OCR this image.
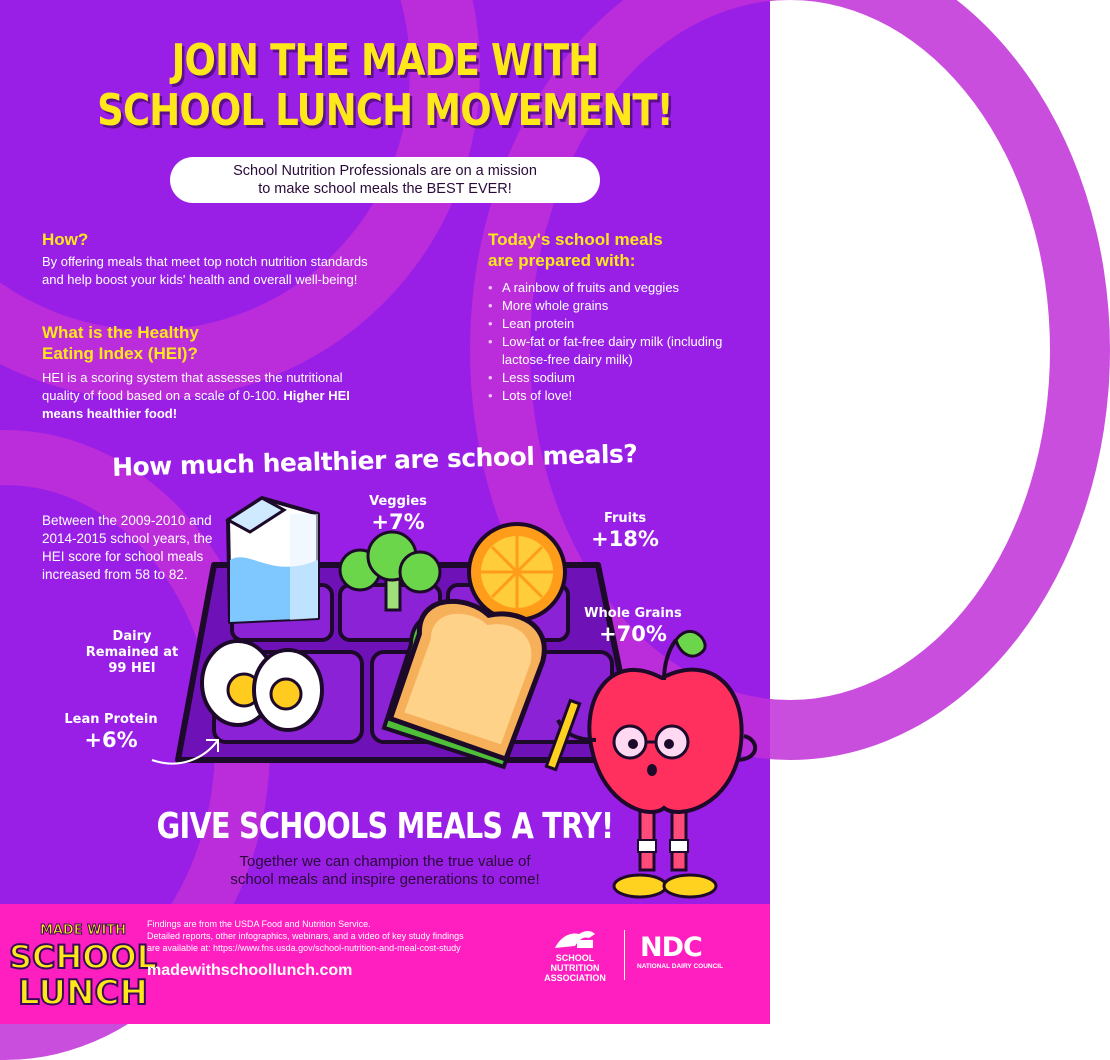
JOIN THE MADE WITH
SCHOOL LUNCH MOVEMENT!
School Nutrition Professionals are on a mission
to make school meals the BEST EVER!
How?

By offering meals that meet top notch nutrition standards and help boost your kids' health and overall well-being!

What is the Healthy
Eating Index (HEI)?

HEI is a scoring system that assesses the nutritional quality of food based on a scale of 0-100. Higher HEI means healthier food!

Today's school meals
are prepared with:
• A rainbow of fruits and veggies
• More whole grains
• Lean protein
• Low-fat or fat-free dairy milk (including lactose-free dairy milk)
• Less sodium
• Lots of love!
How much healthier are school meals?

Between the 2009-2010 and 2014-2015 school years, the HEI score for school meals increased from 58 to 82.

Veggies
+7%	Fruits
+18%
Whole Grains
+70%
Dairy
Remained at
99 HEI
Lean Protein
+6%
GIVE SCHOOLS MEALS A TRY!
Together we can champion the true value of
school meals and inspire generations to come!
MADE WITH
SCHOOL
LUNCH
Findings are from the USDA Food and Nutrition Service.
Detailed reports, other infographics, webinars, and a video of key study findings
are available at: https://www.fns.usda.gov/school-nutrition-and-meal-cost-study
madewithschoollunch.com
SCHOOL
NUTRITION
ASSOCIATION
NDC
NATIONAL DAIRY COUNCIL
